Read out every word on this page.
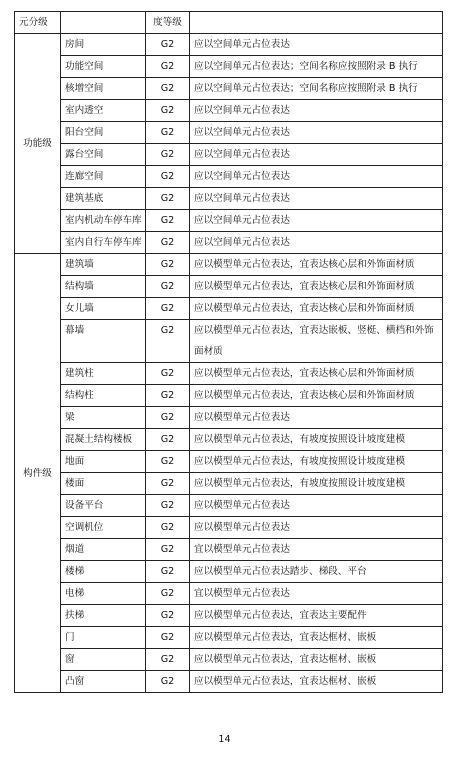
元分级		度等级	
功能级	房间	G2	应以空间单元占位表达
	功能空间	G2	应以空间单元占位表达；空间名称应按照附录 B 执行
	核增空间	G2	应以空间单元占位表达；空间名称应按照附录 B 执行
	室内透空	G2	应以空间单元占位表达
	阳台空间	G2	应以空间单元占位表达
	露台空间	G2	应以空间单元占位表达
	连廊空间	G2	应以空间单元占位表达
	建筑基底	G2	应以空间单元占位表达
	室内机动车停车库	G2	应以空间单元占位表达
	室内自行车停车库	G2	应以空间单元占位表达
构件级	建筑墙	G2	应以模型单元占位表达，宜表达核心层和外饰面材质
	结构墙	G2	应以模型单元占位表达，宜表达核心层和外饰面材质
	女儿墙	G2	应以模型单元占位表达，宜表达核心层和外饰面材质
	幕墙	G2	应以模型单元占位表达，宜表达嵌板、竖梃、横档和外饰面材质
	建筑柱	G2	应以模型单元占位表达，宜表达核心层和外饰面材质
	结构柱	G2	应以模型单元占位表达，宜表达核心层和外饰面材质
	梁	G2	应以模型单元占位表达
	混凝土结构楼板	G2	应以模型单元占位表达，有坡度按照设计坡度建模
	地面	G2	应以模型单元占位表达，有坡度按照设计坡度建模
	楼面	G2	应以模型单元占位表达，有坡度按照设计坡度建模
	设备平台	G2	应以模型单元占位表达
	空调机位	G2	应以模型单元占位表达
	烟道	G2	宜以模型单元占位表达
	楼梯	G2	应以模型单元占位表达踏步、梯段、平台
	电梯	G2	宜以模型单元占位表达
	扶梯	G2	应以模型单元占位表达，宜表达主要配件
	门	G2	应以模型单元占位表达，宜表达框材、嵌板
	窗	G2	应以模型单元占位表达，宜表达框材、嵌板
	凸窗	G2	应以模型单元占位表达，宜表达框材、嵌板
14
